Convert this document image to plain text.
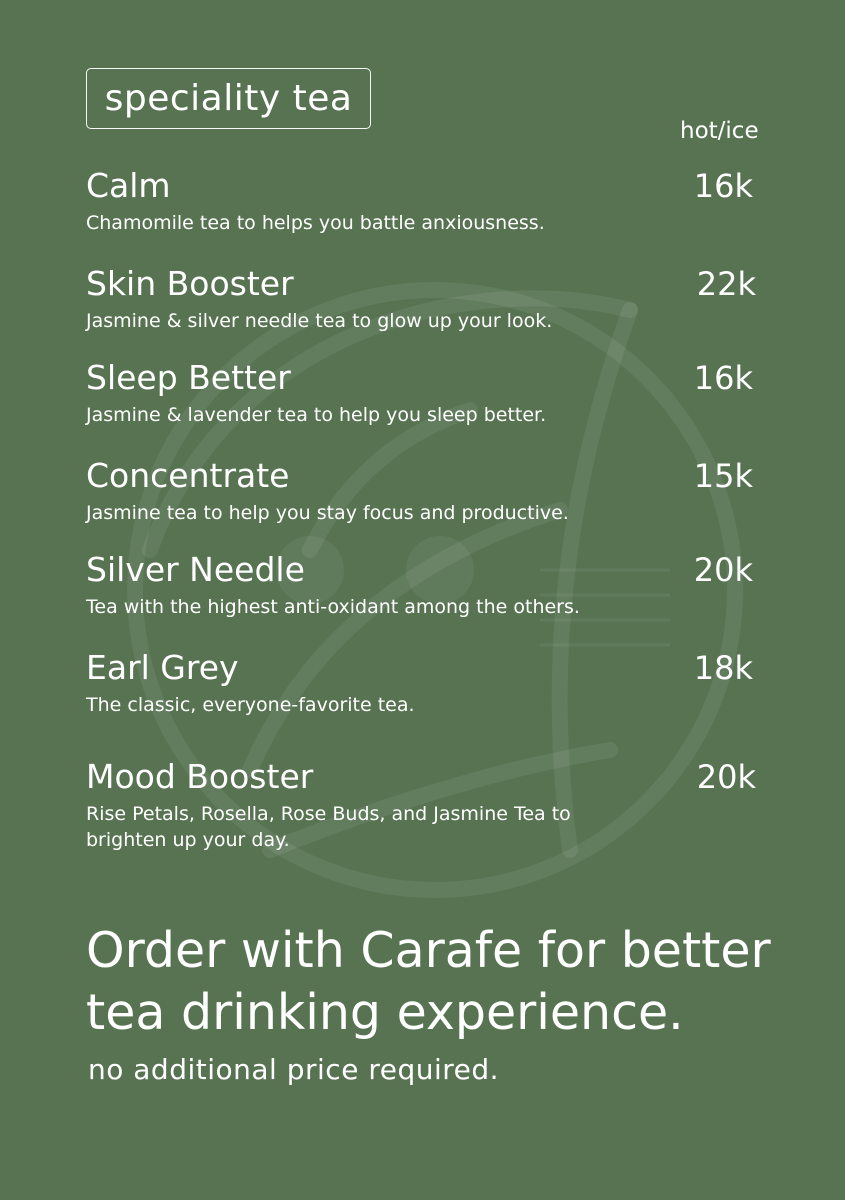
speciality tea
hot/ice
Calm
Chamomile tea to helps you battle anxiousness.
16k
Skin Booster
Jasmine & silver needle tea to glow up your look.
22k
Sleep Better
Jasmine & lavender tea to help you sleep better.
16k
Concentrate
Jasmine tea to help you stay focus and productive.
15k
Silver Needle
Tea with the highest anti-oxidant among the others.
20k
Earl Grey
The classic, everyone-favorite tea.
18k
Mood Booster
Rise Petals, Rosella, Rose Buds, and Jasmine Tea to brighten up your day.
20k
Order with Carafe for better tea drinking experience.
no additional price required.
